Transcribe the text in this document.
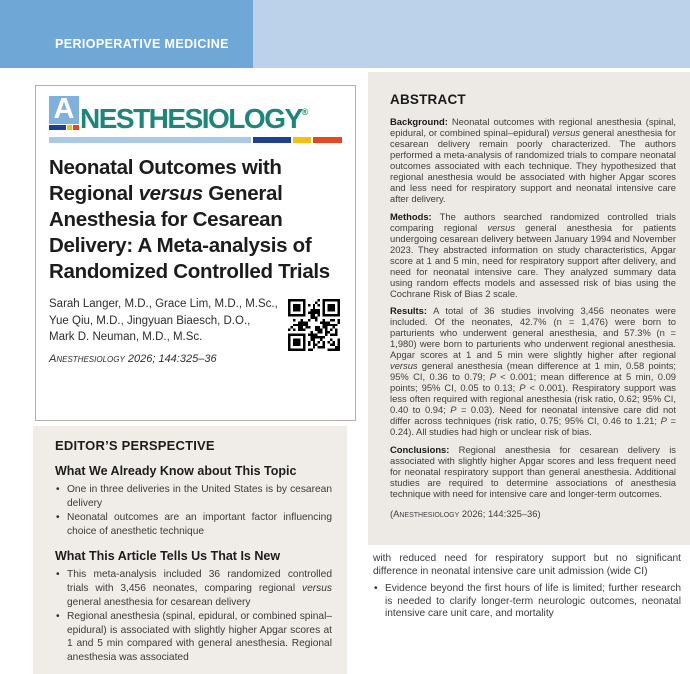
PERIOPERATIVE MEDICINE
A NESTHESIOLOGY®
Neonatal Outcomes with Regional versus General Anesthesia for Cesarean Delivery: A Meta-analysis of Randomized Controlled Trials
Sarah Langer, M.D., Grace Lim, M.D., M.Sc.,
Yue Qiu, M.D., Jingyuan Biaesch, D.O.,
Mark D. Neuman, M.D., M.Sc.
Anesthesiology 2026; 144:325–36
EDITOR’S PERSPECTIVE
What We Already Know about This Topic
• One in three deliveries in the United States is by cesarean delivery
• Neonatal outcomes are an important factor influencing choice of anesthetic technique
What This Article Tells Us That Is New
• This meta-analysis included 36 randomized controlled trials with 3,456 neonates, comparing regional versus general anesthesia for cesarean delivery
• Regional anesthesia (spinal, epidural, or combined spinal–epidural) is associated with slightly higher Apgar scores at 1 and 5 min compared with general anesthesia. Regional anesthesia was associated
ABSTRACT

Background: Neonatal outcomes with regional anesthesia (spinal, epidural, or combined spinal–epidural) versus general anesthesia for cesarean delivery remain poorly characterized. The authors performed a meta-analysis of randomized trials to compare neonatal outcomes associated with each technique. They hypothesized that regional anesthesia would be associated with higher Apgar scores and less need for respiratory support and neonatal intensive care after delivery.

Methods: The authors searched randomized controlled trials comparing regional versus general anesthesia for patients undergoing cesarean delivery between January 1994 and November 2023. They abstracted information on study characteristics, Apgar score at 1 and 5 min, need for respiratory support after delivery, and need for neonatal intensive care. They analyzed summary data using random effects models and assessed risk of bias using the Cochrane Risk of Bias 2 scale.

Results: A total of 36 studies involving 3,456 neonates were included. Of the neonates, 42.7% (n = 1,476) were born to parturients who underwent general anesthesia, and 57.3% (n = 1,980) were born to parturients who underwent regional anesthesia. Apgar scores at 1 and 5 min were slightly higher after regional versus general anesthesia (mean difference at 1 min, 0.58 points; 95% CI, 0.36 to 0.79; P < 0.001; mean difference at 5 min, 0.09 points; 95% CI, 0.05 to 0.13; P < 0.001). Respiratory support was less often required with regional anesthesia (risk ratio, 0.62; 95% CI, 0.40 to 0.94; P = 0.03). Need for neonatal intensive care did not differ across techniques (risk ratio, 0.75; 95% CI, 0.46 to 1.21; P = 0.24). All studies had high or unclear risk of bias.

Conclusions: Regional anesthesia for cesarean delivery is associated with slightly higher Apgar scores and less frequent need for neonatal respiratory support than general anesthesia. Additional studies are required to determine associations of anesthesia technique with need for intensive care and longer-term outcomes.

(Anesthesiology 2026; 144:325–36)

with reduced need for respiratory support but no significant difference in neonatal intensive care unit admission (wide CI)

• Evidence beyond the first hours of life is limited; further research is needed to clarify longer-term neurologic outcomes, neonatal intensive care unit care, and mortality
